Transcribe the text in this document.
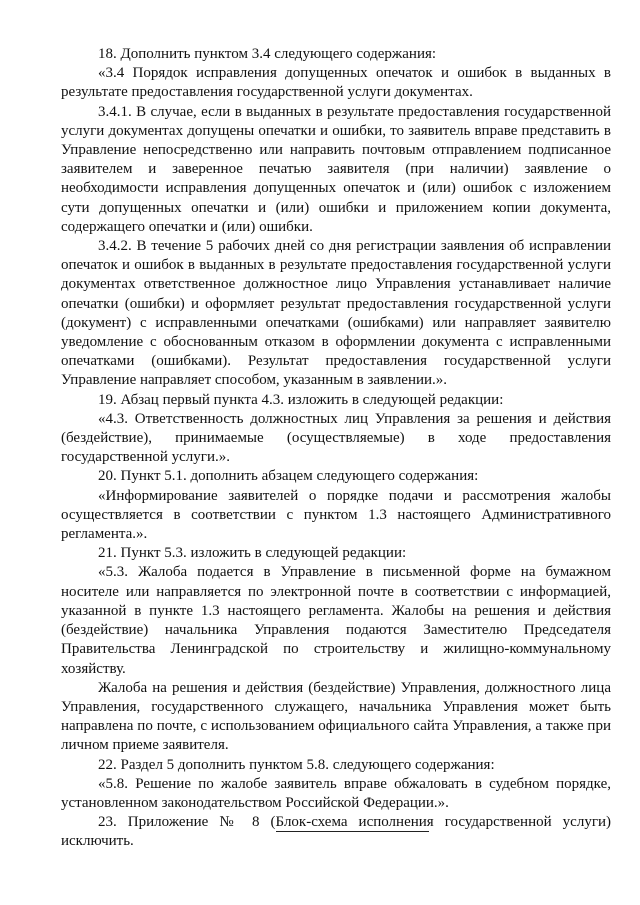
18. Дополнить пунктом 3.4 следующего содержания:

«3.4 Порядок исправления допущенных опечаток и ошибок в выданных в результате предоставления государственной услуги документах.

3.4.1. В случае, если в выданных в результате предоставления государственной услуги документах допущены опечатки и ошибки, то заявитель вправе представить в Управление непосредственно или направить почтовым отправлением подписанное заявителем и заверенное печатью заявителя (при наличии) заявление о необходимости исправления допущенных опечаток и (или) ошибок с изложением сути допущенных опечатки и (или) ошибки и приложением копии документа, содержащего опечатки и (или) ошибки.

3.4.2. В течение 5 рабочих дней со дня регистрации заявления об исправлении опечаток и ошибок в выданных в результате предоставления государственной услуги документах ответственное должностное лицо Управления устанавливает наличие опечатки (ошибки) и оформляет результат предоставления государственной услуги (документ) с исправленными опечатками (ошибками) или направляет заявителю уведомление с обоснованным отказом в оформлении документа с исправленными опечатками (ошибками). Результат предоставления государственной услуги Управление направляет способом, указанным в заявлении.».

19. Абзац первый пункта 4.3. изложить в следующей редакции:

«4.3. Ответственность должностных лиц Управления за решения и действия (бездействие), принимаемые (осуществляемые) в ходе предоставления государственной услуги.».

20. Пункт 5.1. дополнить абзацем следующего содержания:

«Информирование заявителей о порядке подачи и рассмотрения жалобы осуществляется в соответствии с пунктом 1.3 настоящего Административного регламента.».

21. Пункт 5.3. изложить в следующей редакции:

«5.3. Жалоба подается в Управление в письменной форме на бумажном носителе или направляется по электронной почте в соответствии с информацией, указанной в пункте 1.3 настоящего регламента. Жалобы на решения и действия (бездействие) начальника Управления подаются Заместителю Председателя Правительства Ленинградской по строительству и жилищно-коммунальному хозяйству.

Жалоба на решения и действия (бездействие) Управления, должностного лица Управления, государственного служащего, начальника Управления может быть направлена по почте, с использованием официального сайта Управления, а также при личном приеме заявителя.

22. Раздел 5 дополнить пунктом 5.8. следующего содержания:

«5.8. Решение по жалобе заявитель вправе обжаловать в судебном порядке, установленном законодательством Российской Федерации.».

23. Приложение № 8 (Блок-схема исполнения государственной услуги) исключить.
